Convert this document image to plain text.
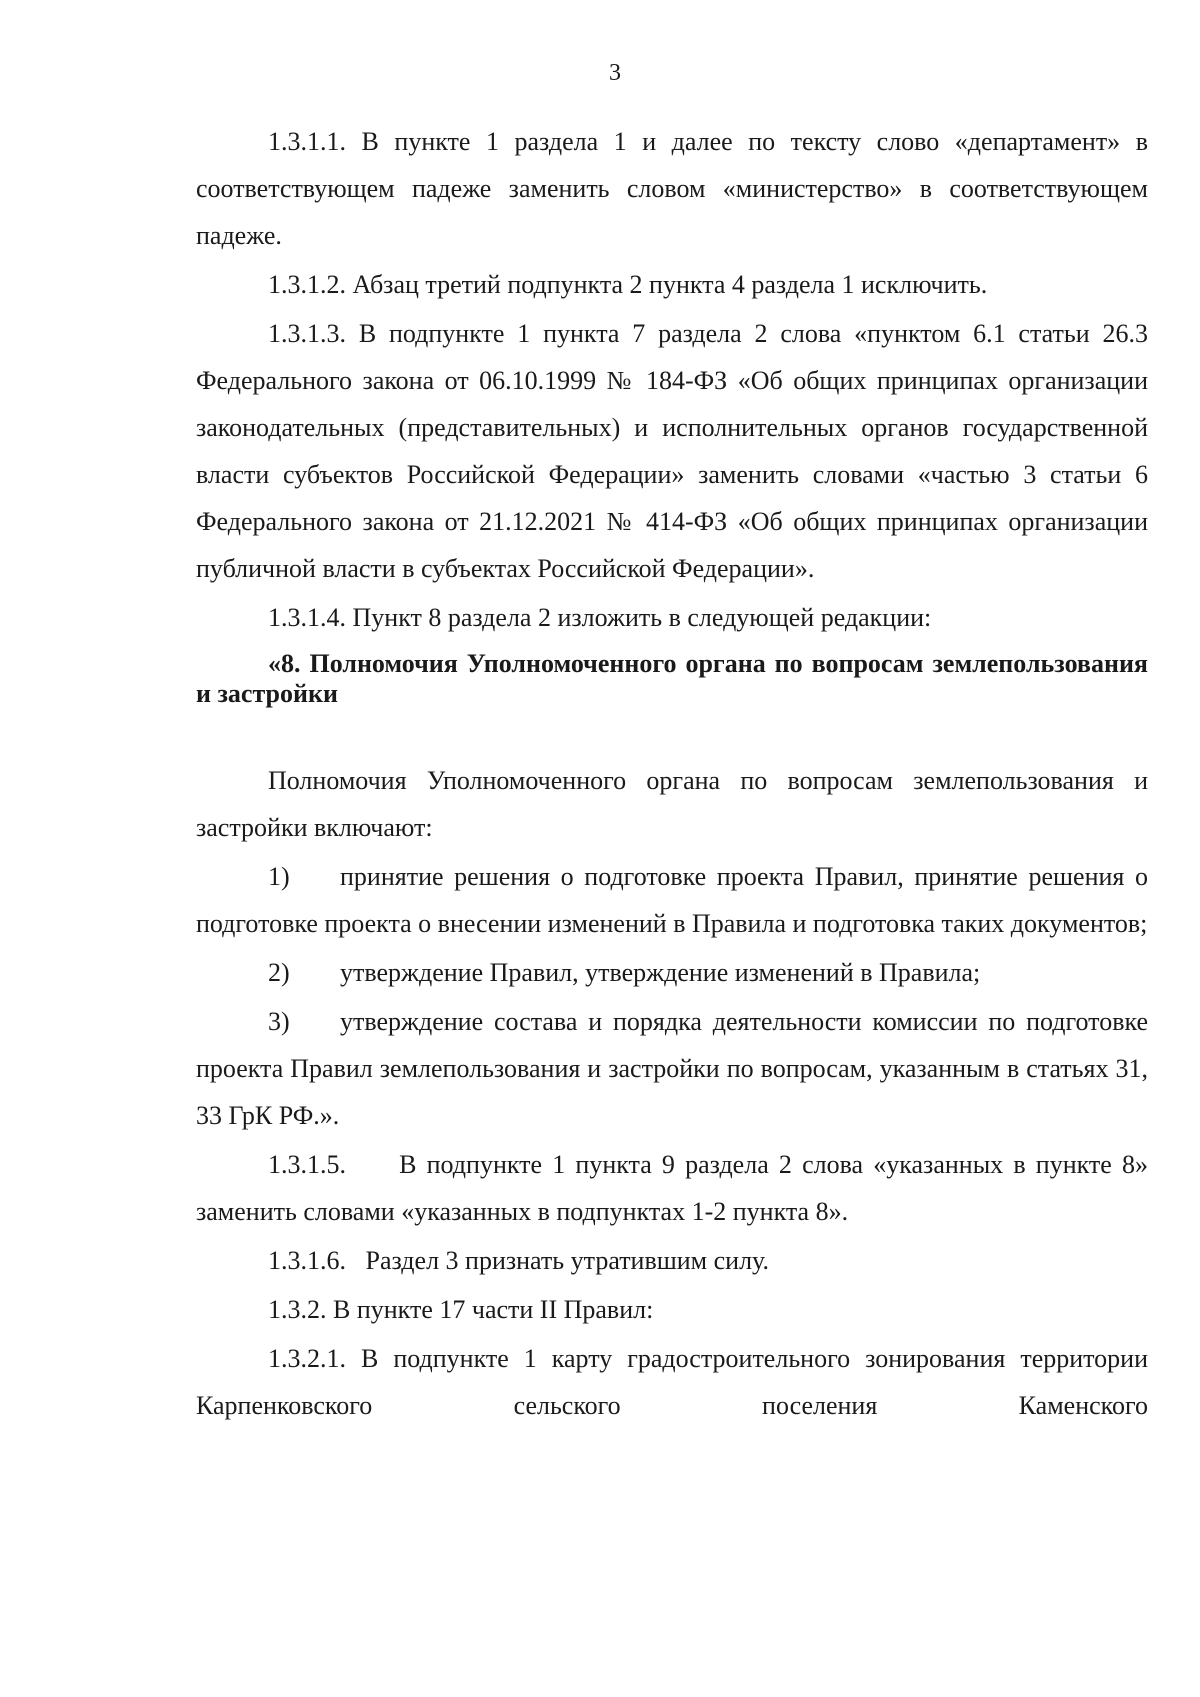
3

1.3.1.1. В пункте 1 раздела 1 и далее по тексту слово «департамент» в соответствующем падеже заменить словом «министерство» в соответствующем падеже.

1.3.1.2. Абзац третий подпункта 2 пункта 4 раздела 1 исключить.

1.3.1.3. В подпункте 1 пункта 7 раздела 2 слова «пунктом 6.1 статьи 26.3 Федерального закона от 06.10.1999 № 184-ФЗ «Об общих принципах организации законодательных (представительных) и исполнительных органов государственной власти субъектов Российской Федерации» заменить словами «частью 3 статьи 6 Федерального закона от 21.12.2021 № 414-ФЗ «Об общих принципах организации публичной власти в субъектах Российской Федерации».

1.3.1.4. Пункт 8 раздела 2 изложить в следующей редакции:

«8. Полномочия Уполномоченного органа по вопросам землепользования и застройки

Полномочия Уполномоченного органа по вопросам землепользования и застройки включают:

1) принятие решения о подготовке проекта Правил, принятие решения о подготовке проекта о внесении изменений в Правила и подготовка таких документов;

2) утверждение Правил, утверждение изменений в Правила;

3) утверждение состава и порядка деятельности комиссии по подготовке проекта Правил землепользования и застройки по вопросам, указанным в статьях 31, 33 ГрК РФ.».

1.3.1.5. В подпункте 1 пункта 9 раздела 2 слова «указанных в пункте 8» заменить словами «указанных в подпунктах 1-2 пункта 8».

1.3.1.6. Раздел 3 признать утратившим силу.

1.3.2. В пункте 17 части II Правил:

1.3.2.1. В подпункте 1 карту градостроительного зонирования территории Карпенковского сельского поселения Каменского
